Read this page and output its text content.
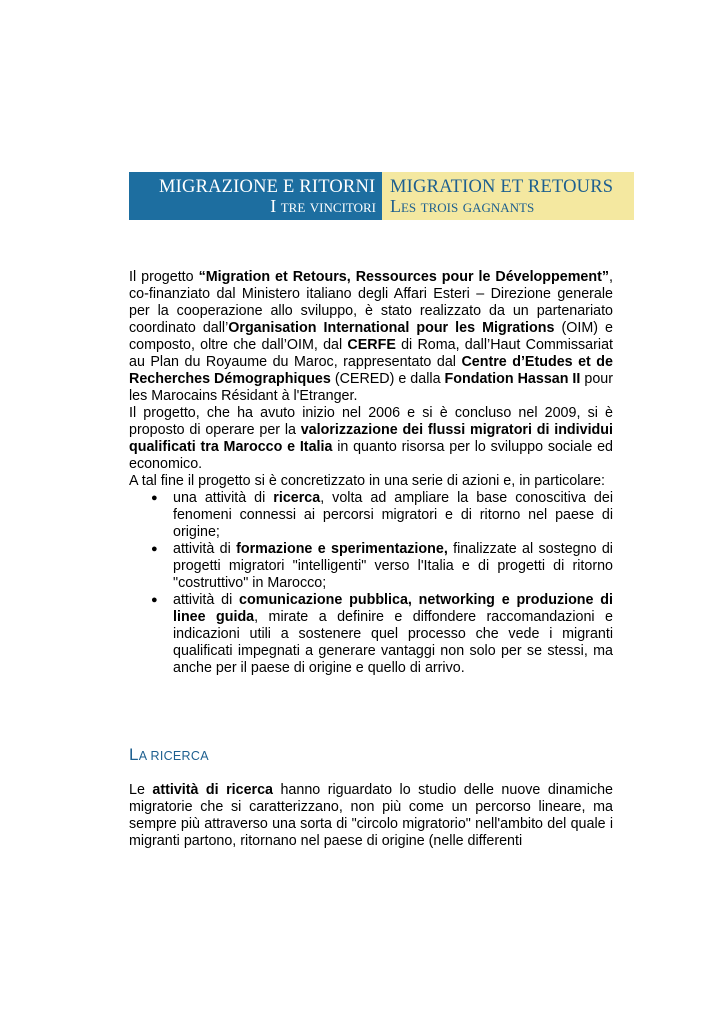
MIGRAZIONE E RITORNI
I tre vincitori
MIGRATION ET RETOURS
Les trois gagnants

Il progetto “Migration et Retours, Ressources pour le Développement”, co-finanziato dal Ministero italiano degli Affari Esteri – Direzione generale per la cooperazione allo sviluppo, è stato realizzato da un partenariato coordinato dall’Organisation International pour les Migrations (OIM) e composto, oltre che dall’OIM, dal CERFE di Roma, dall’Haut Commissariat au Plan du Royaume du Maroc, rappresentato dal Centre d’Etudes et de Recherches Démographiques (CERED) e dalla Fondation Hassan II pour les Marocains Résidant à l'Etranger.

Il progetto, che ha avuto inizio nel 2006 e si è concluso nel 2009, si è proposto di operare per la valorizzazione dei flussi migratori di individui qualificati tra Marocco e Italia in quanto risorsa per lo sviluppo sociale ed economico.

A tal fine il progetto si è concretizzato in una serie di azioni e, in particolare:

● una attività di ricerca, volta ad ampliare la base conoscitiva dei fenomeni connessi ai percorsi migratori e di ritorno nel paese di origine;
● attività di formazione e sperimentazione, finalizzate al sostegno di progetti migratori "intelligenti" verso l'Italia e di progetti di ritorno "costruttivo" in Marocco;
● attività di comunicazione pubblica, networking e produzione di linee guida, mirate a definire e diffondere raccomandazioni e indicazioni utili a sostenere quel processo che vede i migranti qualificati impegnati a generare vantaggi non solo per se stessi, ma anche per il paese di origine e quello di arrivo.
LA RICERCA

Le attività di ricerca hanno riguardato lo studio delle nuove dinamiche migratorie che si caratterizzano, non più come un percorso lineare, ma sempre più attraverso una sorta di "circolo migratorio" nell'ambito del quale i migranti partono, ritornano nel paese di origine (nelle differenti
